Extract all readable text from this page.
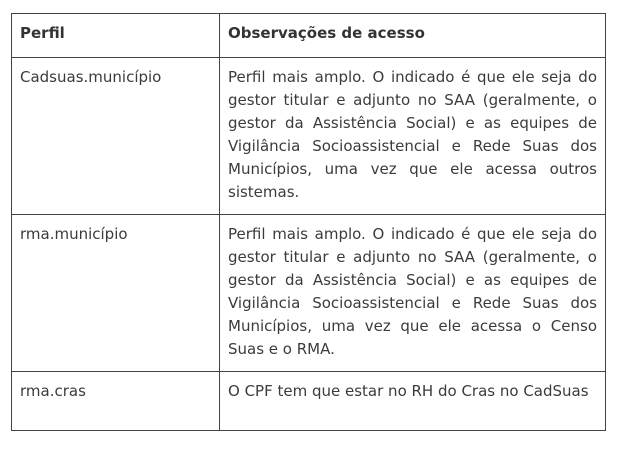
Perfil	Observações de acesso
Cadsuas.município	Perfil mais amplo. O indicado é que ele seja do gestor titular e adjunto no SAA (geralmente, o gestor da Assistência Social) e as equipes de Vigilância Socioassistencial e Rede Suas dos Municípios, uma vez que ele acessa outros sistemas.
rma.município	Perfil mais amplo. O indicado é que ele seja do gestor titular e adjunto no SAA (geralmente, o gestor da Assistência Social) e as equipes de Vigilância Socioassistencial e Rede Suas dos Municípios, uma vez que ele acessa o Censo Suas e o RMA.
rma.cras	O CPF tem que estar no RH do Cras no CadSuas
